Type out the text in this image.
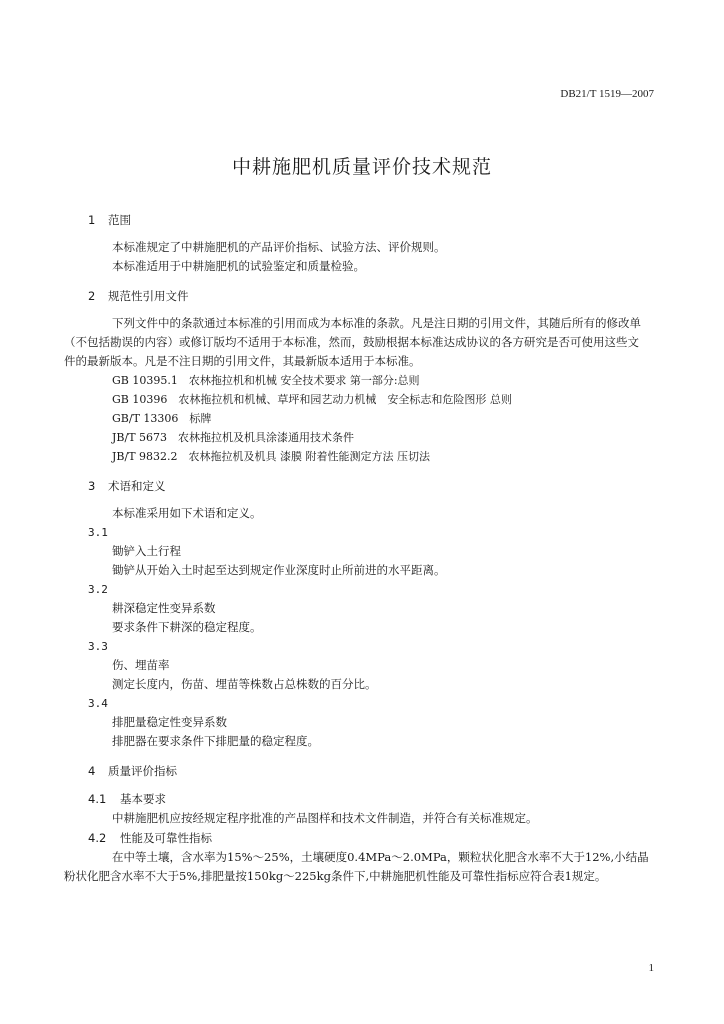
DB21/T 1519—2007
中耕施肥机质量评价技术规范
1	范围

本标准规定了中耕施肥机的产品评价指标、试验方法、评价规则。

本标准适用于中耕施肥机的试验鉴定和质量检验。

2	规范性引用文件

下列文件中的条款通过本标准的引用而成为本标准的条款。凡是注日期的引用文件，其随后所有的修改单（不包括勘误的内容）或修订版均不适用于本标准，然而，鼓励根据本标准达成协议的各方研究是否可使用这些文件的最新版本。凡是不注日期的引用文件，其最新版本适用于本标准。

GB 10395.1　农林拖拉机和机械 安全技术要求 第一部分:总则
GB 10396　农林拖拉机和机械、草坪和园艺动力机械　安全标志和危险图形 总则
GB/T 13306　标牌
JB/T 5673　农林拖拉机及机具涂漆通用技术条件
JB/T 9832.2　农林拖拉机及机具 漆膜 附着性能测定方法 压切法
3	术语和定义

本标准采用如下术语和定义。

3.1

锄铲入土行程

锄铲从开始入土时起至达到规定作业深度时止所前进的水平距离。

3.2

耕深稳定性变异系数

要求条件下耕深的稳定程度。

3.3

伤、埋苗率

测定长度内，伤苗、埋苗等株数占总株数的百分比。

3.4

排肥量稳定性变异系数

排肥器在要求条件下排肥量的稳定程度。

4	质量评价指标
4.1	基本要求

中耕施肥机应按经规定程序批准的产品图样和技术文件制造，并符合有关标准规定。

4.2	性能及可靠性指标

在中等土壤，含水率为15%～25%，土壤硬度0.4MPa～2.0MPa，颗粒状化肥含水率不大于12%,小结晶粉状化肥含水率不大于5%,排肥量按150kg～225kg条件下,中耕施肥机性能及可靠性指标应符合表1规定。

1
